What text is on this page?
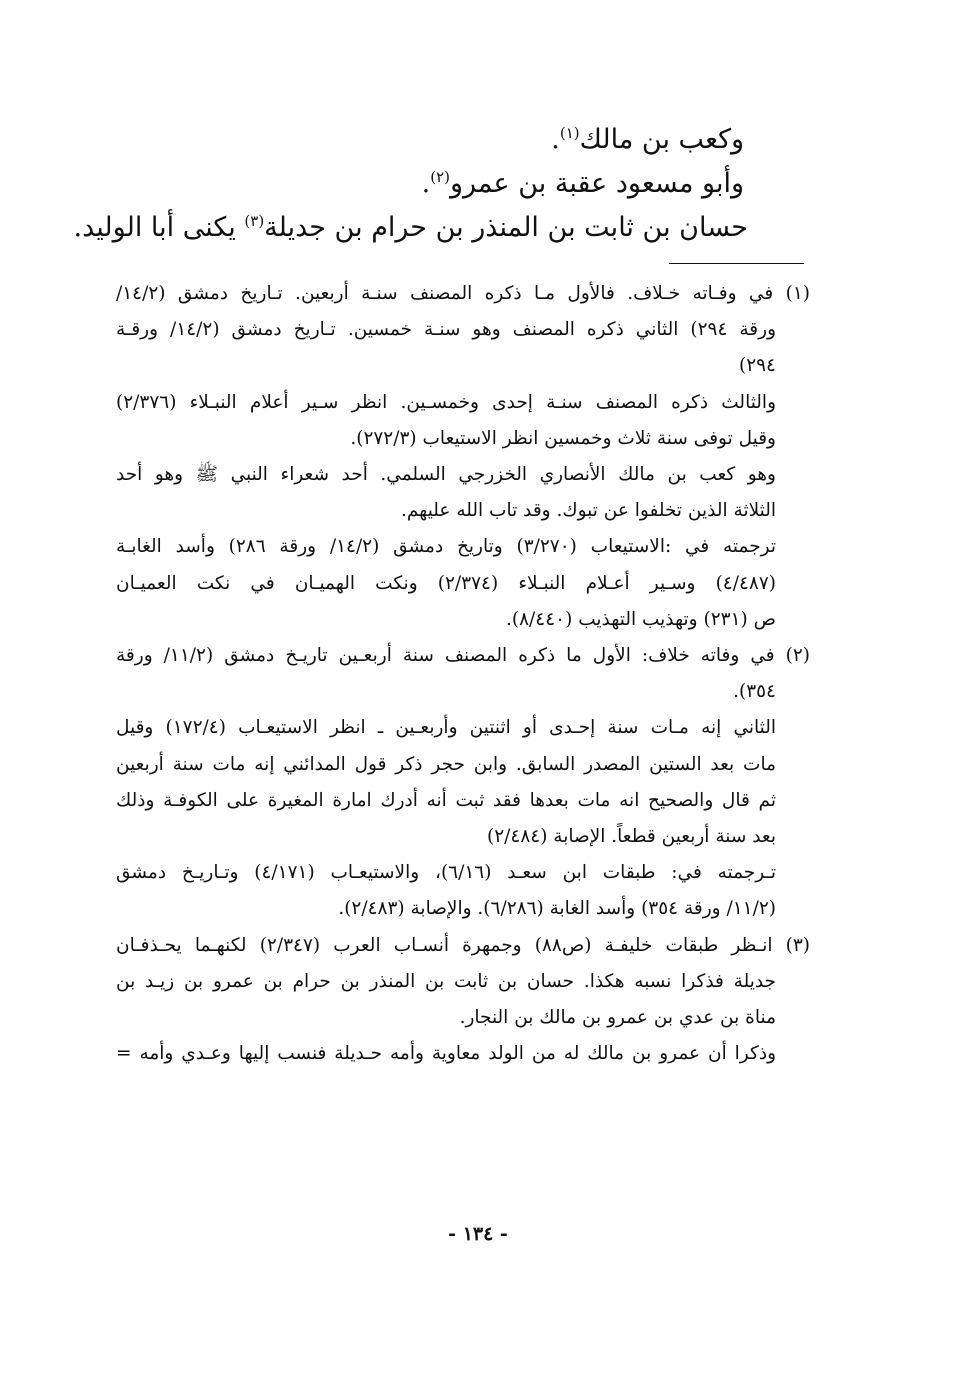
وكعب بن مالك$^{(١)}$.

وأبو مسعود عقبة بن عمرو$^{(٢)}$.

حسان بن ثابت بن المنذر بن حرام بن جديلة$^{(٣)}$ يكنى أبا الوليد.

(١) في وفـاته خـلاف. فالأول مـا ذكره المصنف سنـة أربعين. تـاريخ دمشق (١٤/٢/
ورقة ٢٩٤) الثاني ذكره المصنف وهو سنـة خمسين. تـاريخ دمشق (١٤/٢/ ورقـة
٢٩٤)
والثالث ذكره المصنف سنـة إحدى وخمسـين. انظر سـير أعلام النبـلاء (٢/٣٧٦)
وقيل توفى سنة ثلاث وخمسين انظر الاستيعاب (٢٧٢/٣).
وهو كعب بن مالك الأنصاري الخزرجي السلمي. أحد شعراء النبي ﷺ وهو أحد
الثلاثة الذين تخلفوا عن تبوك. وقد تاب الله عليهم.
ترجمته في :الاستيعاب (٣/٢٧٠) وتاريخ دمشق (١٤/٢/ ورقة ٢٨٦) وأسد الغابـة
(٤/٤٨٧) وسـير أعـلام النبـلاء (٢/٣٧٤) ونكت الهميـان في نكت العميـان
ص (٢٣١) وتهذيب التهذيب (٨/٤٤٠).
(٢) في وفاته خلاف: الأول ما ذكره المصنف سنة أربعـين تاريـخ دمشق (١١/٢/ ورقة
٣٥٤).
الثاني إنه مـات سنة إحـدى أو اثنتين وأربعـين ـ انظر الاستيعـاب (١٧٢/٤) وقيل
مات بعد الستين المصدر السابق. وابن حجر ذكر قول المدائني إنه مات سنة أربعين
ثم قال والصحيح انه مات بعدها فقد ثبت أنه أدرك امارة المغيرة على الكوفـة وذلك
بعد سنة أربعين قطعاً. الإصابة (٢/٤٨٤)
تـرجمته في: طبقات ابن سعـد (٦/١٦)، والاستيعـاب (٤/١٧١) وتـاريـخ دمشق
(١١/٢/ ورقة ٣٥٤) وأسد الغابة (٦/٢٨٦). والإصابة (٢/٤٨٣).
(٣) انـظر طبقات خليفـة (ص٨٨) وجمهرة أنسـاب العرب (٢/٣٤٧) لكنهـما يحـذفـان
جديلة فذكرا نسبه هكذا. حسان بن ثابت بن المنذر بن حرام بن عمرو بن زيـد بن
مناة بن عدي بن عمرو بن مالك بن النجار.
وذكرا أن عمرو بن مالك له من الولد معاوية وأمه حـديلة فنسب إليها وعـدي وأمه =
- ١٣٤ -
